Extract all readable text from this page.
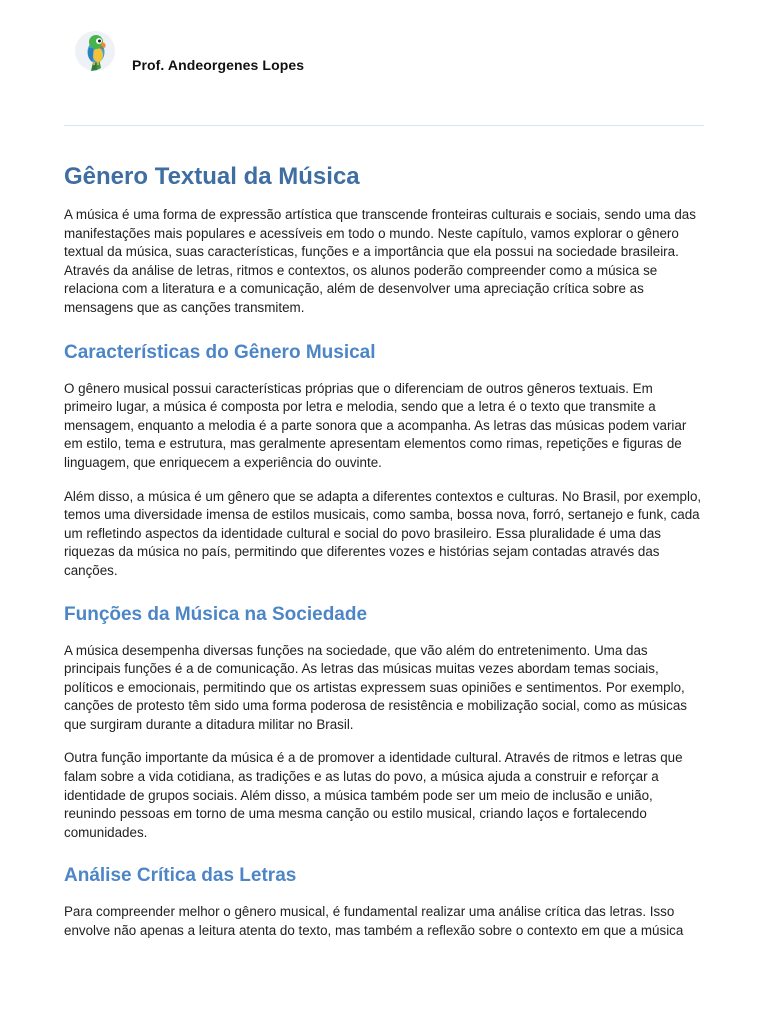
Prof. Andeorgenes Lopes
Gênero Textual da Música

A música é uma forma de expressão artística que transcende fronteiras culturais e sociais, sendo uma das manifestações mais populares e acessíveis em todo o mundo. Neste capítulo, vamos explorar o gênero textual da música, suas características, funções e a importância que ela possui na sociedade brasileira. Através da análise de letras, ritmos e contextos, os alunos poderão compreender como a música se relaciona com a literatura e a comunicação, além de desenvolver uma apreciação crítica sobre as mensagens que as canções transmitem.

Características do Gênero Musical

O gênero musical possui características próprias que o diferenciam de outros gêneros textuais. Em primeiro lugar, a música é composta por letra e melodia, sendo que a letra é o texto que transmite a mensagem, enquanto a melodia é a parte sonora que a acompanha. As letras das músicas podem variar em estilo, tema e estrutura, mas geralmente apresentam elementos como rimas, repetições e figuras de linguagem, que enriquecem a experiência do ouvinte.

Além disso, a música é um gênero que se adapta a diferentes contextos e culturas. No Brasil, por exemplo, temos uma diversidade imensa de estilos musicais, como samba, bossa nova, forró, sertanejo e funk, cada um refletindo aspectos da identidade cultural e social do povo brasileiro. Essa pluralidade é uma das riquezas da música no país, permitindo que diferentes vozes e histórias sejam contadas através das canções.

Funções da Música na Sociedade

A música desempenha diversas funções na sociedade, que vão além do entretenimento. Uma das principais funções é a de comunicação. As letras das músicas muitas vezes abordam temas sociais, políticos e emocionais, permitindo que os artistas expressem suas opiniões e sentimentos. Por exemplo, canções de protesto têm sido uma forma poderosa de resistência e mobilização social, como as músicas que surgiram durante a ditadura militar no Brasil.

Outra função importante da música é a de promover a identidade cultural. Através de ritmos e letras que falam sobre a vida cotidiana, as tradições e as lutas do povo, a música ajuda a construir e reforçar a identidade de grupos sociais. Além disso, a música também pode ser um meio de inclusão e união, reunindo pessoas em torno de uma mesma canção ou estilo musical, criando laços e fortalecendo comunidades.

Análise Crítica das Letras

Para compreender melhor o gênero musical, é fundamental realizar uma análise crítica das letras. Isso envolve não apenas a leitura atenta do texto, mas também a reflexão sobre o contexto em que a música
